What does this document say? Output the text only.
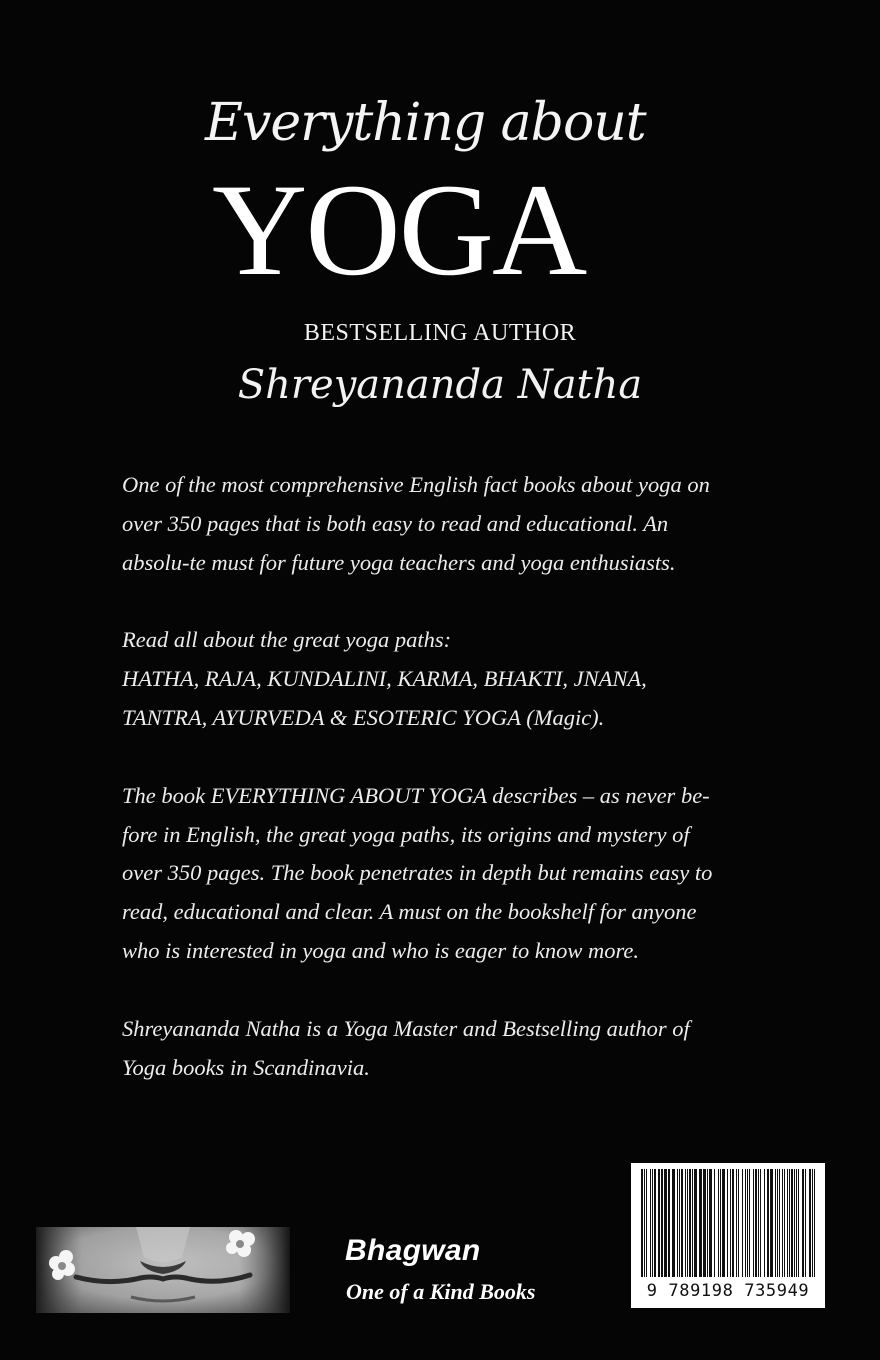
Everything about
YOGA
BESTSELLING AUTHOR
Shreyananda Natha

One of the most comprehensive English fact books about yoga on over 350 pages that is both easy to read and educational. An absolu-te must for future yoga teachers and yoga enthusiasts.

Read all about the great yoga paths:

HATHA, RAJA, KUNDALINI, KARMA, BHAKTI, JNANA, TANTRA, AYURVEDA & ESOTERIC YOGA (Magic).

The book EVERYTHING ABOUT YOGA describes – as never be-fore in English, the great yoga paths, its origins and mystery of over 350 pages. The book penetrates in depth but remains easy to read, educational and clear. A must on the bookshelf for anyone who is interested in yoga and who is eager to know more.

Shreyananda Natha is a Yoga Master and Bestselling author of Yoga books in Scandinavia.

Bhagwan
One of a Kind Books	9 789198 735949
